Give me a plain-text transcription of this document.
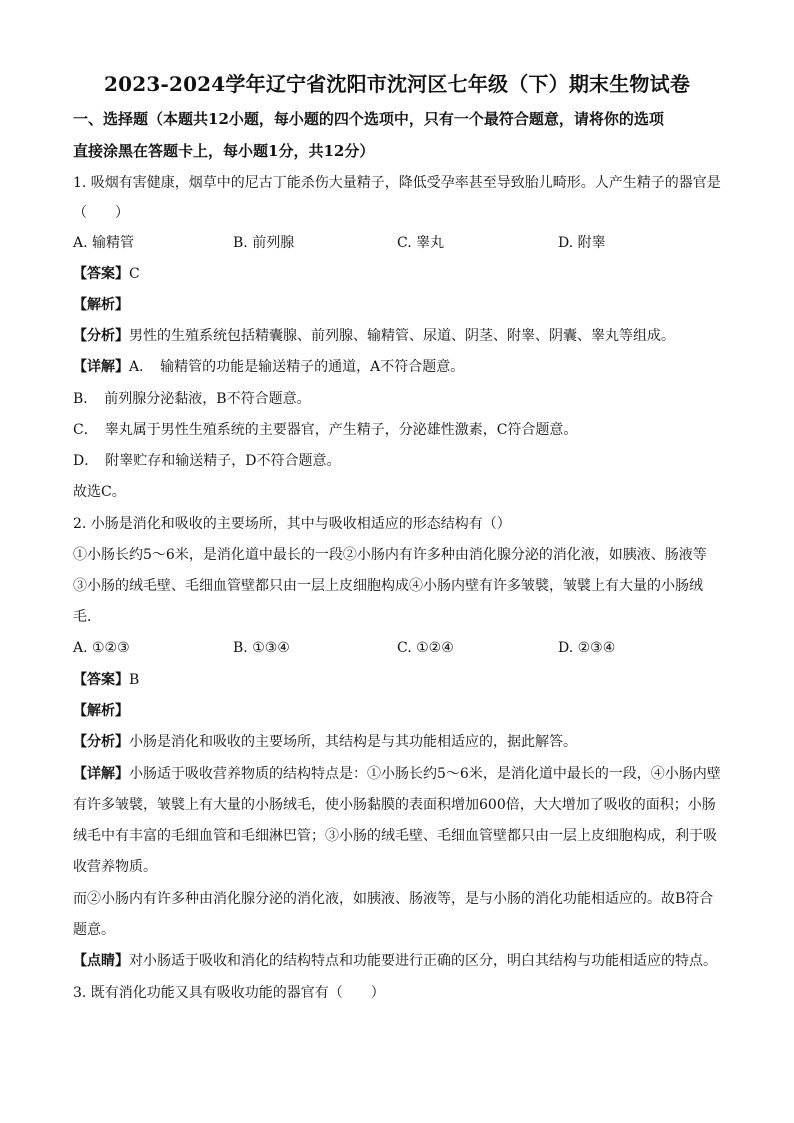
2023-2024学年辽宁省沈阳市沈河区七年级（下）期末生物试卷
一、选择题（本题共12小题，每小题的四个选项中，只有一个最符合题意，请将你的选项
直接涂黑在答题卡上，每小题1分，共12分）
1. 吸烟有害健康，烟草中的尼古丁能杀伤大量精子，降低受孕率甚至导致胎儿畸形。人产生精子的器官是
（　　）
A. 输精管	B. 前列腺	C. 睾丸	D. 附睾
【答案】C
【解析】
【分析】男性的生殖系统包括精囊腺、前列腺、输精管、尿道、阴茎、附睾、阴囊、睾丸等组成。
【详解】A．　输精管的功能是输送精子的通道，A不符合题意。
B．　前列腺分泌黏液，B不符合题意。
C．　睾丸属于男性生殖系统的主要器官，产生精子，分泌雄性激素，C符合题意。
D．　附睾贮存和输送精子，D不符合题意。
故选C。
2. 小肠是消化和吸收的主要场所，其中与吸收相适应的形态结构有（）
①小肠长约5～6米，是消化道中最长的一段②小肠内有许多种由消化腺分泌的消化液，如胰液、肠液等
③小肠的绒毛壁、毛细血管壁都只由一层上皮细胞构成④小肠内壁有许多皱襞，皱襞上有大量的小肠绒
毛．
A. ①②③	B. ①③④	C. ①②④	D. ②③④
【答案】B
【解析】
【分析】小肠是消化和吸收的主要场所，其结构是与其功能相适应的，据此解答。
【详解】小肠适于吸收营养物质的结构特点是：①小肠长约5～6米，是消化道中最长的一段，④小肠内壁
有许多皱襞，皱襞上有大量的小肠绒毛，使小肠黏膜的表面积增加600倍，大大增加了吸收的面积；小肠
绒毛中有丰富的毛细血管和毛细淋巴管；③小肠的绒毛壁、毛细血管壁都只由一层上皮细胞构成，利于吸
收营养物质。
而②小肠内有许多种由消化腺分泌的消化液，如胰液、肠液等，是与小肠的消化功能相适应的。故B符合
题意。
【点睛】对小肠适于吸收和消化的结构特点和功能要进行正确的区分，明白其结构与功能相适应的特点。
3. 既有消化功能又具有吸收功能的器官有（　　）
